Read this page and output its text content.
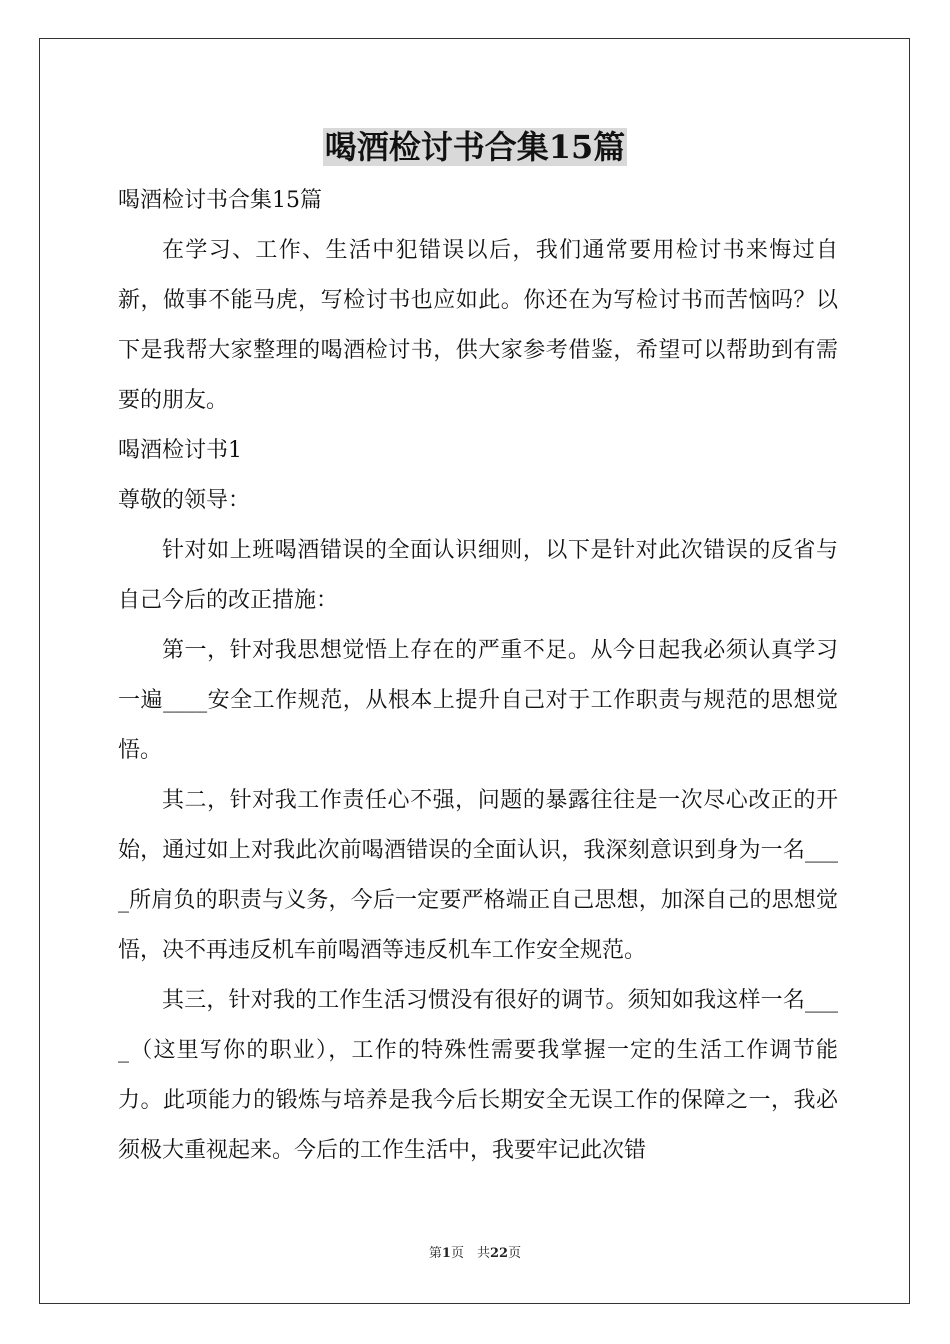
喝酒检讨书合集15篇

喝酒检讨书合集15篇

在学习、工作、生活中犯错误以后，我们通常要用检讨书来悔过自新，做事不能马虎，写检讨书也应如此。你还在为写检讨书而苦恼吗？以下是我帮大家整理的喝酒检讨书，供大家参考借鉴，希望可以帮助到有需要的朋友。

喝酒检讨书1

尊敬的领导：

针对如上班喝酒错误的全面认识细则，以下是针对此次错误的反省与自己今后的改正措施：

第一，针对我思想觉悟上存在的严重不足。从今日起我必须认真学习一遍____安全工作规范，从根本上提升自己对于工作职责与规范的思想觉悟。

其二，针对我工作责任心不强，问题的暴露往往是一次尽心改正的开始，通过如上对我此次前喝酒错误的全面认识，我深刻意识到身为一名____所肩负的职责与义务，今后一定要严格端正自己思想，加深自己的思想觉悟，决不再违反机车前喝酒等违反机车工作安全规范。

其三，针对我的工作生活习惯没有很好的调节。须知如我这样一名____（这里写你的职业），工作的特殊性需要我掌握一定的生活工作调节能力。此项能力的锻炼与培养是我今后长期安全无误工作的保障之一，我必须极大重视起来。今后的工作生活中，我要牢记此次错

第1页　共22页
